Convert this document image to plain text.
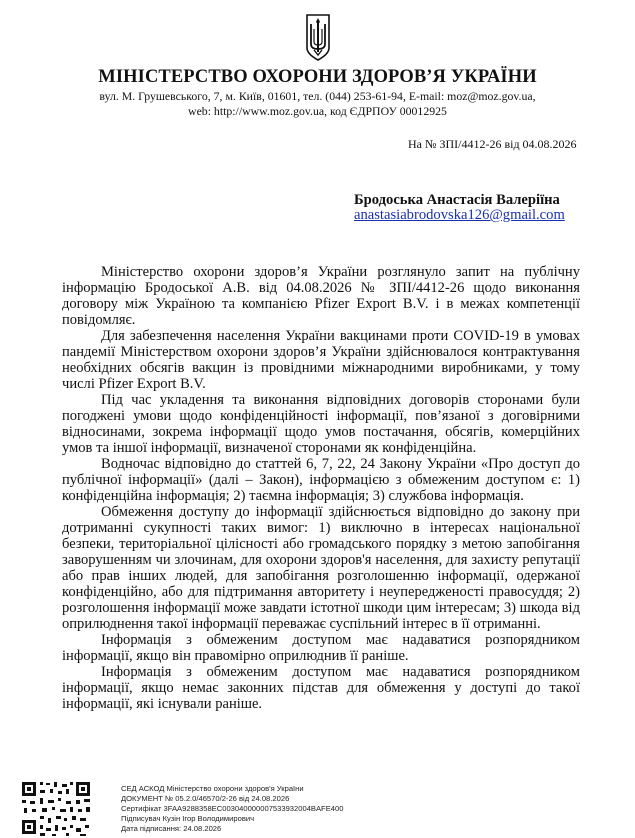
МІНІСТЕРСТВО ОХОРОНИ ЗДОРОВ’Я УКРАЇНИ
вул. М. Грушевського, 7, м. Київ, 01601, тел. (044) 253-61-94, E-mail: moz@moz.gov.ua,
web: http://www.moz.gov.ua, код ЄДРПОУ 00012925
На № ЗПІ/4412-26 від 04.08.2026
Бродоська Анастасія Валеріїна
anastasiabrodovska126@gmail.com

Міністерство охорони здоров’я України розглянуло запит на публічну інформацію Бродоської А.В. від 04.08.2026 № ЗПІ/4412-26 щодо виконання договору між Україною та компанією Pfizer Export B.V. і в межах компетенції повідомляє.

Для забезпечення населення України вакцинами проти COVID-19 в умовах пандемії Міністерством охорони здоров’я України здійснювалося контрактування необхідних обсягів вакцин із провідними міжнародними виробниками, у тому числі Pfizer Export B.V.

Під час укладення та виконання відповідних договорів сторонами були погоджені умови щодо конфіденційності інформації, пов’язаної з договірними відносинами, зокрема інформації щодо умов постачання, обсягів, комерційних умов та іншої інформації, визначеної сторонами як конфіденційна.

Водночас відповідно до статтей 6, 7, 22, 24 Закону України «Про доступ до публічної інформації» (далі – Закон), інформацією з обмеженим доступом є: 1) конфіденційна інформація; 2) таємна інформація; 3) службова інформація.

Обмеження доступу до інформації здійснюється відповідно до закону при дотриманні сукупності таких вимог: 1) виключно в інтересах національної безпеки, територіальної цілісності або громадського порядку з метою запобігання заворушенням чи злочинам, для охорони здоров'я населення, для захисту репутації або прав інших людей, для запобігання розголошенню інформації, одержаної конфіденційно, або для підтримання авторитету і неупередженості правосуддя; 2) розголошення інформації може завдати істотної шкоди цим інтересам; 3) шкода від оприлюднення такої інформації переважає суспільний інтерес в її отриманні.

Інформація з обмеженим доступом має надаватися розпорядником інформації, якщо він правомірно оприлюднив її раніше.

Інформація з обмеженим доступом має надаватися розпорядником інформації, якщо немає законних підстав для обмеження у доступі до такої інформації, які існували раніше.

СЕД АСКОД Міністерство охорони здоров'я України
ДОКУМЕНТ № 05.2.0/46570/2-26 від 24.08.2026
Сертифікат 3FAA9288358EC003040000007533932004BAFE400
Підписувач Кузін Ігор Володимирович
Дата підписання: 24.08.2026
